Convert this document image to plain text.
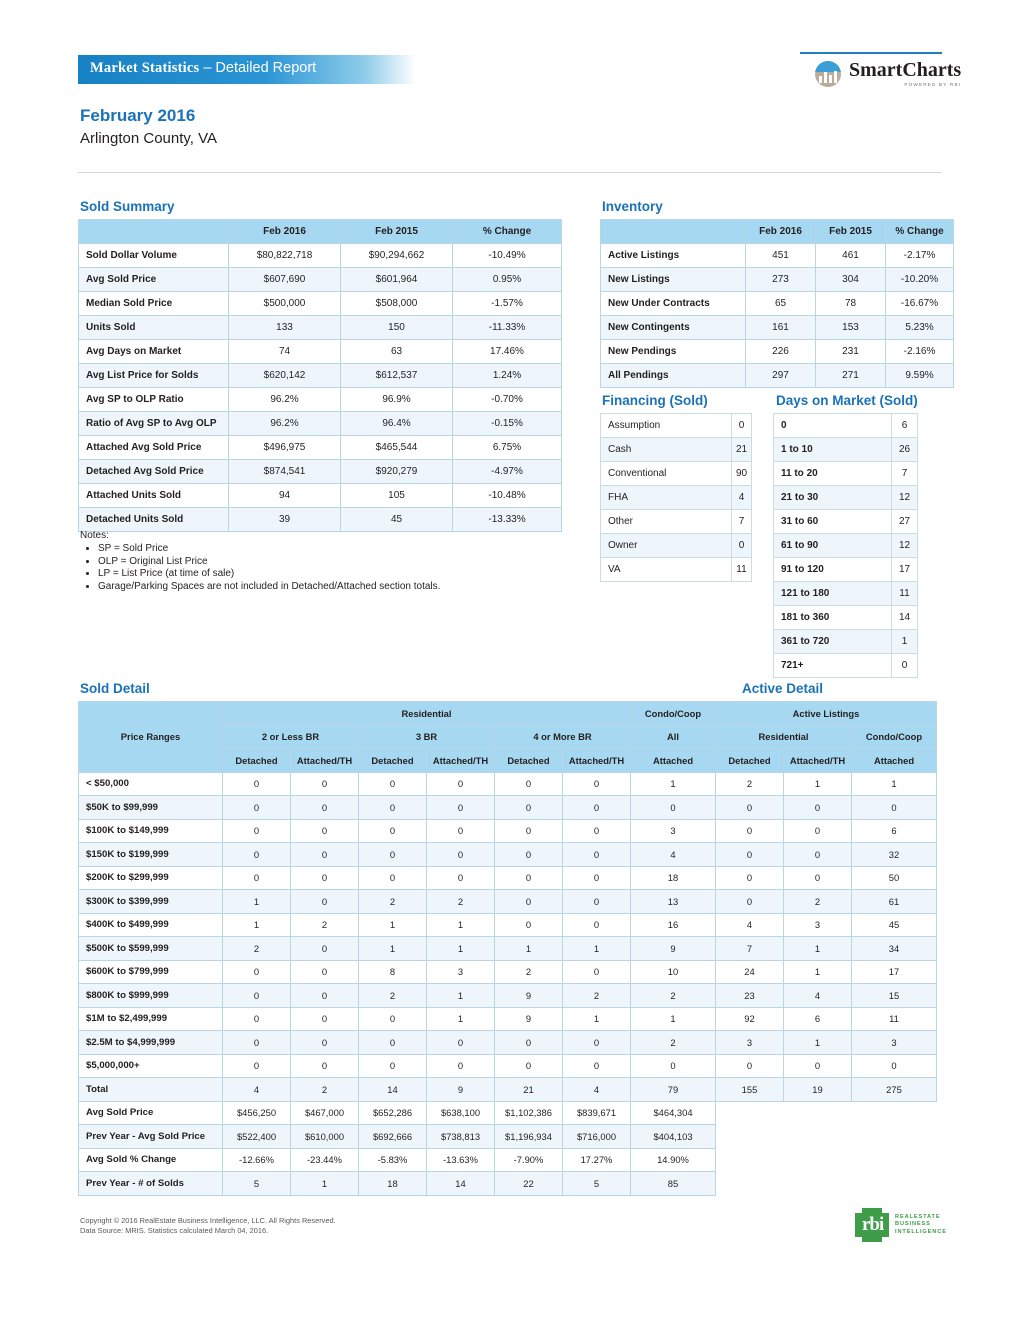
Market Statistics – Detailed Report	SmartCharts
POWERED BY RBI
February 2016
Arlington County, VA
Sold Summary
	Feb 2016	Feb 2015	% Change
Sold Dollar Volume	$80,822,718	$90,294,662	-10.49%
Avg Sold Price	$607,690	$601,964	0.95%
Median Sold Price	$500,000	$508,000	-1.57%
Units Sold	133	150	-11.33%
Avg Days on Market	74	63	17.46%
Avg List Price for Solds	$620,142	$612,537	1.24%
Avg SP to OLP Ratio	96.2%	96.9%	-0.70%
Ratio of Avg SP to Avg OLP	96.2%	96.4%	-0.15%
Attached Avg Sold Price	$496,975	$465,544	6.75%
Detached Avg Sold Price	$874,541	$920,279	-4.97%
Attached Units Sold	94	105	-10.48%
Detached Units Sold	39	45	-13.33%
Notes:
• SP = Sold Price
• OLP = Original List Price
• LP = List Price (at time of sale)
• Garage/Parking Spaces are not included in Detached/Attached section totals.
Inventory
	Feb 2016	Feb 2015	% Change
Active Listings	451	461	-2.17%
New Listings	273	304	-10.20%
New Under Contracts	65	78	-16.67%
New Contingents	161	153	5.23%
New Pendings	226	231	-2.16%
All Pendings	297	271	9.59%
Financing (Sold)
Assumption	0
Cash	21
Conventional	90
FHA	4
Other	7
Owner	0
VA	11
Days on Market (Sold)
0	6
1 to 10	26
11 to 20	7
21 to 30	12
31 to 60	27
61 to 90	12
91 to 120	17
121 to 180	11
181 to 360	14
361 to 720	1
721+	0
Sold Detail	Active Detail
Price Ranges	Residential						Condo/Coop	Active Listings		
	2 or Less BR		3 BR		4 or More BR		All	Residential		Condo/Coop
	Detached	Attached/TH	Detached	Attached/TH	Detached	Attached/TH	Attached	Detached	Attached/TH	Attached
< $50,000	0	0	0	0	0	0	1	2	1	1
$50K to $99,999	0	0	0	0	0	0	0	0	0	0
$100K to $149,999	0	0	0	0	0	0	3	0	0	6
$150K to $199,999	0	0	0	0	0	0	4	0	0	32
$200K to $299,999	0	0	0	0	0	0	18	0	0	50
$300K to $399,999	1	0	2	2	0	0	13	0	2	61
$400K to $499,999	1	2	1	1	0	0	16	4	3	45
$500K to $599,999	2	0	1	1	1	1	9	7	1	34
$600K to $799,999	0	0	8	3	2	0	10	24	1	17
$800K to $999,999	0	0	2	1	9	2	2	23	4	15
$1M to $2,499,999	0	0	0	1	9	1	1	92	6	11
$2.5M to $4,999,999	0	0	0	0	0	0	2	3	1	3
$5,000,000+	0	0	0	0	0	0	0	0	0	0
Total	4	2	14	9	21	4	79	155	19	275
Avg Sold Price	$456,250	$467,000	$652,286	$638,100	$1,102,386	$839,671	$464,304			
Prev Year - Avg Sold Price	$522,400	$610,000	$692,666	$738,813	$1,196,934	$716,000	$404,103			
Avg Sold % Change	-12.66%	-23.44%	-5.83%	-13.63%	-7.90%	17.27%	14.90%			
Prev Year - # of Solds	5	1	18	14	22	5	85			
Copyright © 2016 RealEstate Business Intelligence, LLC. All Rights Reserved.
Data Source: MRIS. Statistics calculated March 04, 2016.	rbi REALESTATE
BUSINESS
INTELLIGENCE
